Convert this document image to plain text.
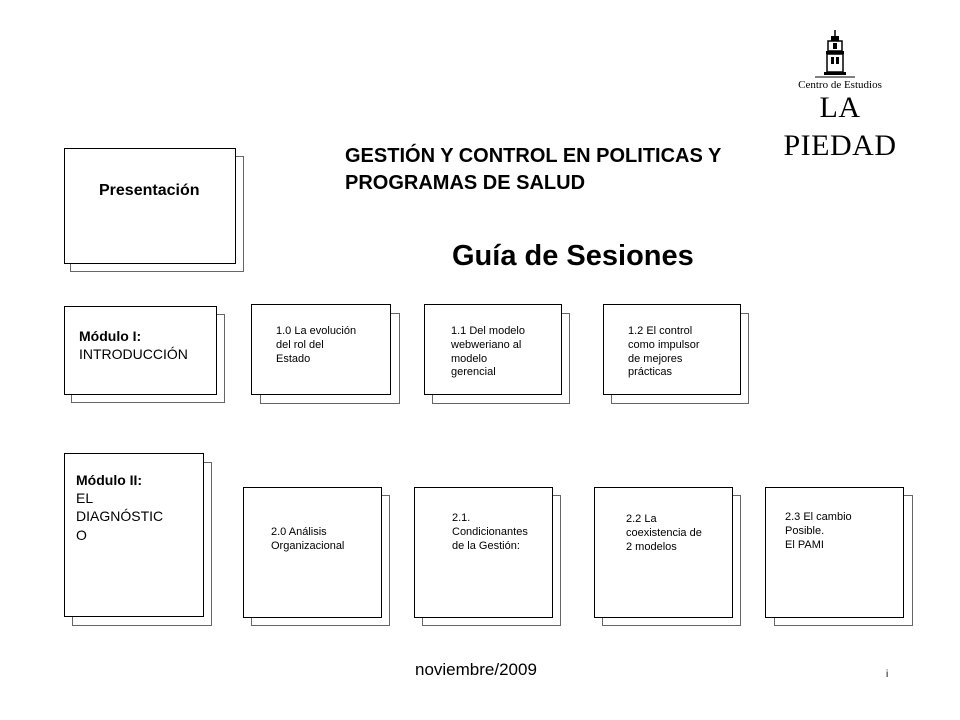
Centro de Estudios
LA PIEDAD
Presentación
GESTIÓN Y CONTROL EN POLITICAS Y
PROGRAMAS DE SALUD
Guía de Sesiones
Módulo I:
INTRODUCCIÓN
1.0 La evolución
del rol del
Estado
1.1 Del modelo
webweriano al
modelo
gerencial
1.2 El control
como impulsor
de mejores
prácticas
Módulo II:
EL
DIAGNÓSTIC
O	2.0 Análisis
Organizacional
2.1.
Condicionantes
de la Gestión:
2.2 La
coexistencia de
2 modelos
2.3 El cambio
Posible.
El PAMI
noviembre/2009	i
